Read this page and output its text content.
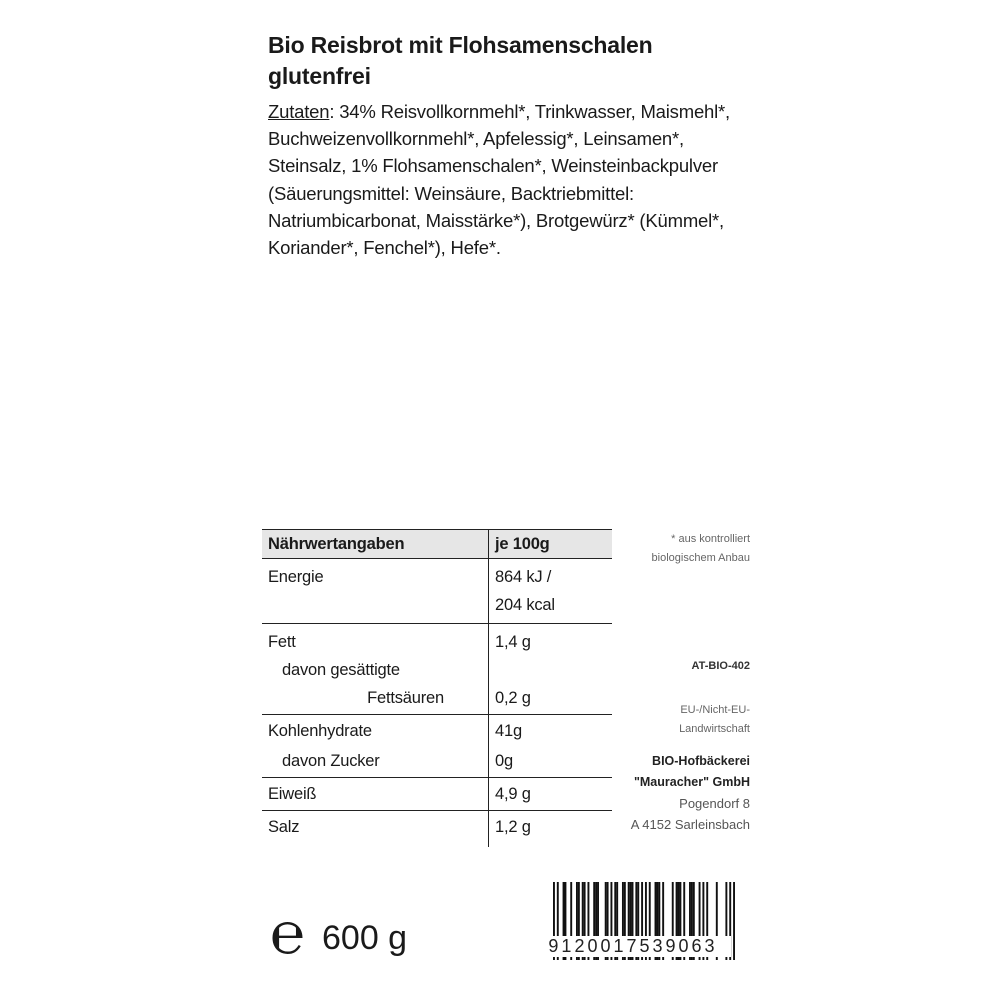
Bio Reisbrot mit Flohsamenschalen glutenfrei

Zutaten: 34% Reisvollkornmehl*, Trinkwasser, Maismehl*, Buchweizenvollkornmehl*, Apfelessig*, Leinsamen*, Steinsalz, 1% Flohsamenschalen*, Weinsteinbackpulver (Säuerungsmittel: Weinsäure, Backtriebmittel: Natriumbicarbonat, Maisstärke*), Brotgewürz* (Kümmel*, Koriander*, Fenchel*), Hefe*.

Nährwertangaben	je 100g
Energie	864 kJ /
204 kcal

Fett	1,4 g

davon gesättigte
Fettsäuren	0,2 g
Kohlenhydrate	41g
davon Zucker	0g
Eiweiß	4,9 g
Salz	1,2 g
* aus kontrolliert
biologischem Anbau
AT-BIO-402
EU-/Nicht-EU-
Landwirtschaft
BIO-Hofbäckerei
"Mauracher" GmbH
Pogendorf 8
A 4152 Sarleinsbach
℮ 600 g	9120017539063
